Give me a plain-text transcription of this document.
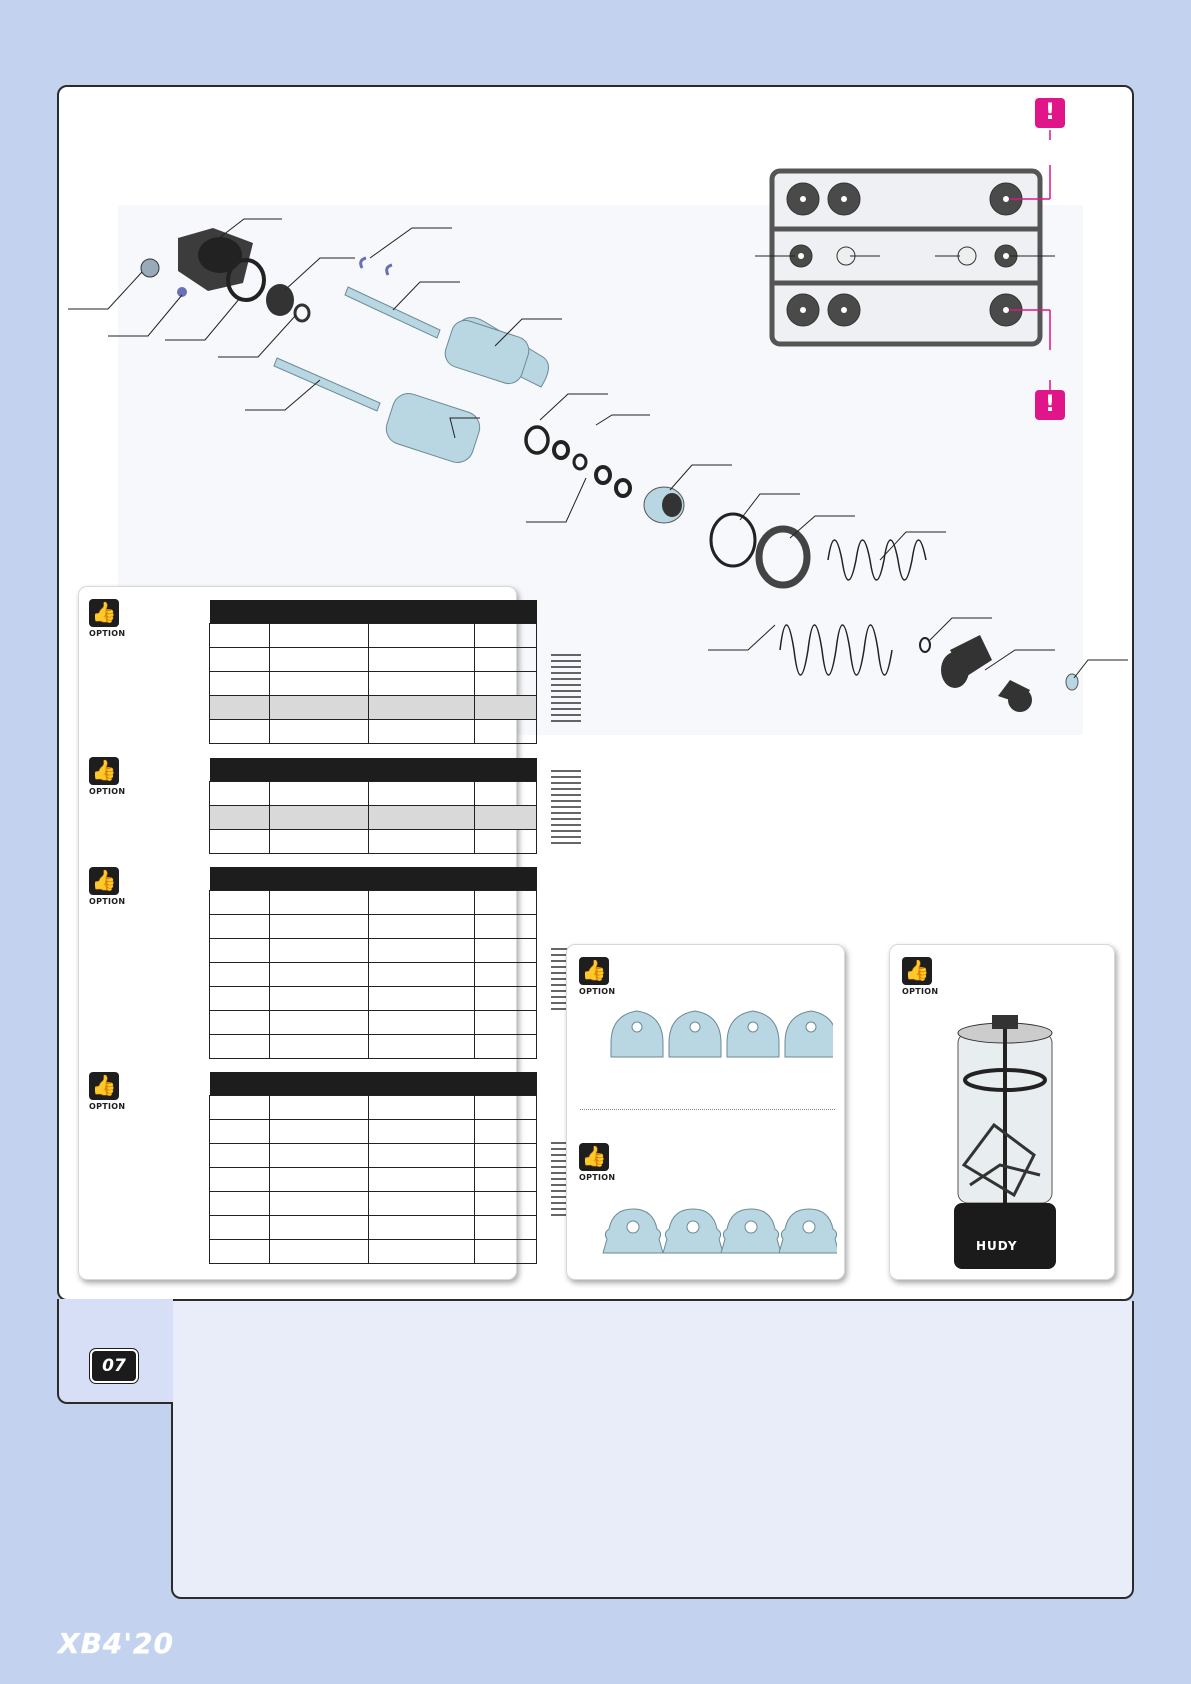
!
!
👍
OPTION

👍
OPTION

👍
OPTION

👍
OPTION

👍
OPTION
👍
OPTION
👍
OPTION
HUDY
07
XB4'20
